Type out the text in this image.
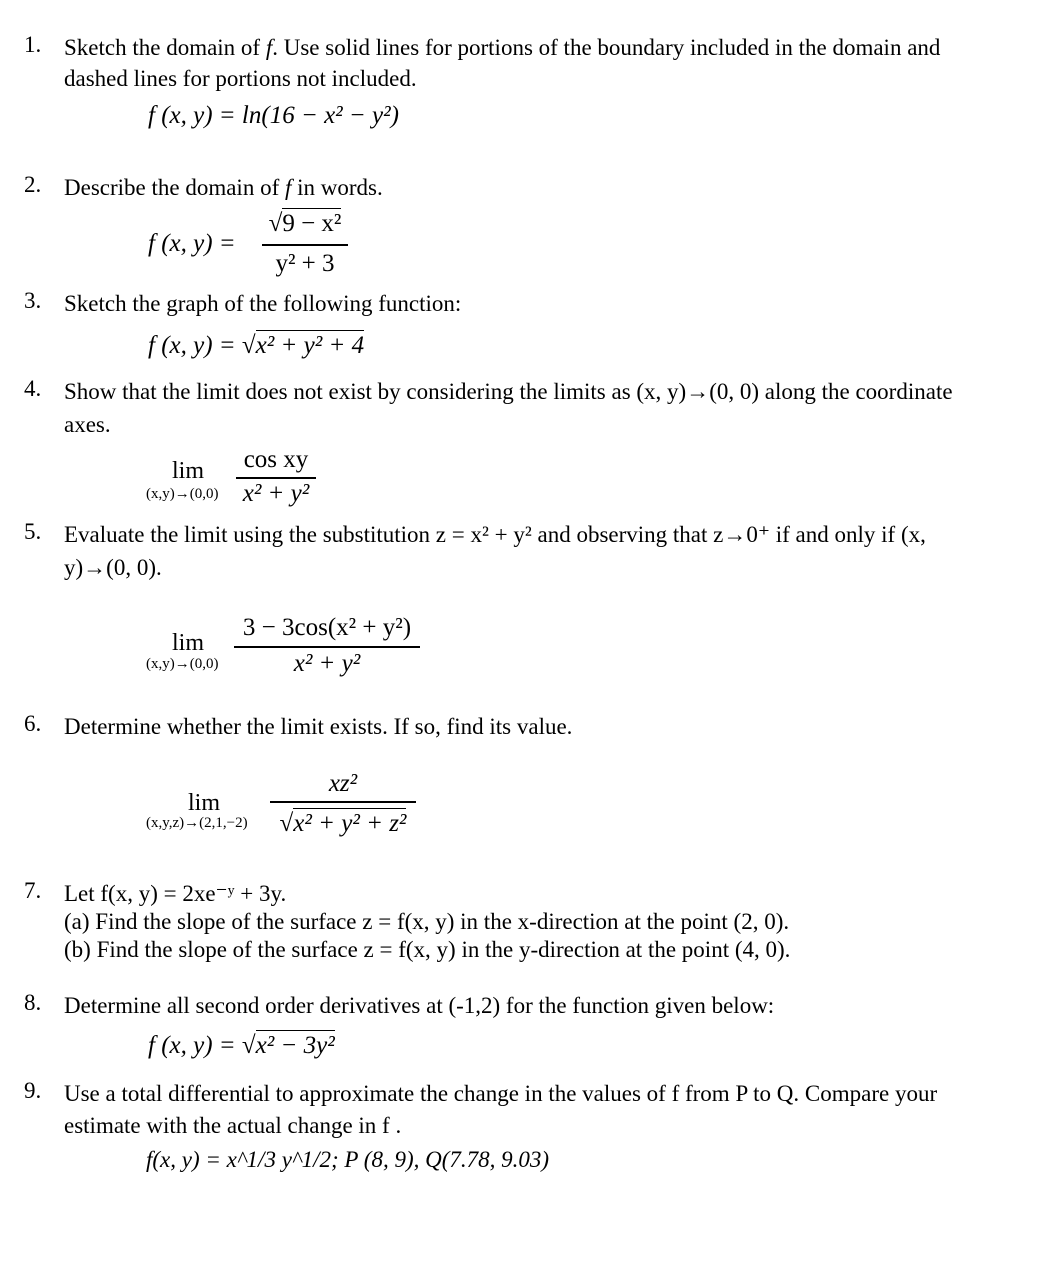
1. Sketch the domain of f. Use solid lines for portions of the boundary included in the domain and
dashed lines for portions not included.
f (x, y) = ln(16 − x² − y²)
2. Describe the domain of f in words.
f (x, y) =
√9 − x²
y² + 3
3. Sketch the graph of the following function:
f (x, y) = √x² + y² + 4
4. Show that the limit does not exist by considering the limits as (x, y)→(0, 0) along the coordinate
axes.
lim
(x,y)→(0,0)
cos xy
x² + y²
5. Evaluate the limit using the substitution z = x² + y² and observing that z→0⁺ if and only if (x,
y)→(0, 0).
lim
(x,y)→(0,0)
3 − 3cos(x² + y²)
x² + y²
6. Determine whether the limit exists. If so, find its value.
lim
(x,y,z)→(2,1,−2)
xz²
√x² + y² + z²
7. Let f(x, y) = 2xe⁻ʸ + 3y.
(a) Find the slope of the surface z = f(x, y) in the x-direction at the point (2, 0).
(b) Find the slope of the surface z = f(x, y) in the y-direction at the point (4, 0).
8. Determine all second order derivatives at (-1,2) for the function given below:
f (x, y) = √x² − 3y²
9. Use a total differential to approximate the change in the values of f from P to Q. Compare your
estimate with the actual change in f .
f(x, y) = x^1/3 y^1/2; P (8, 9), Q(7.78, 9.03)
